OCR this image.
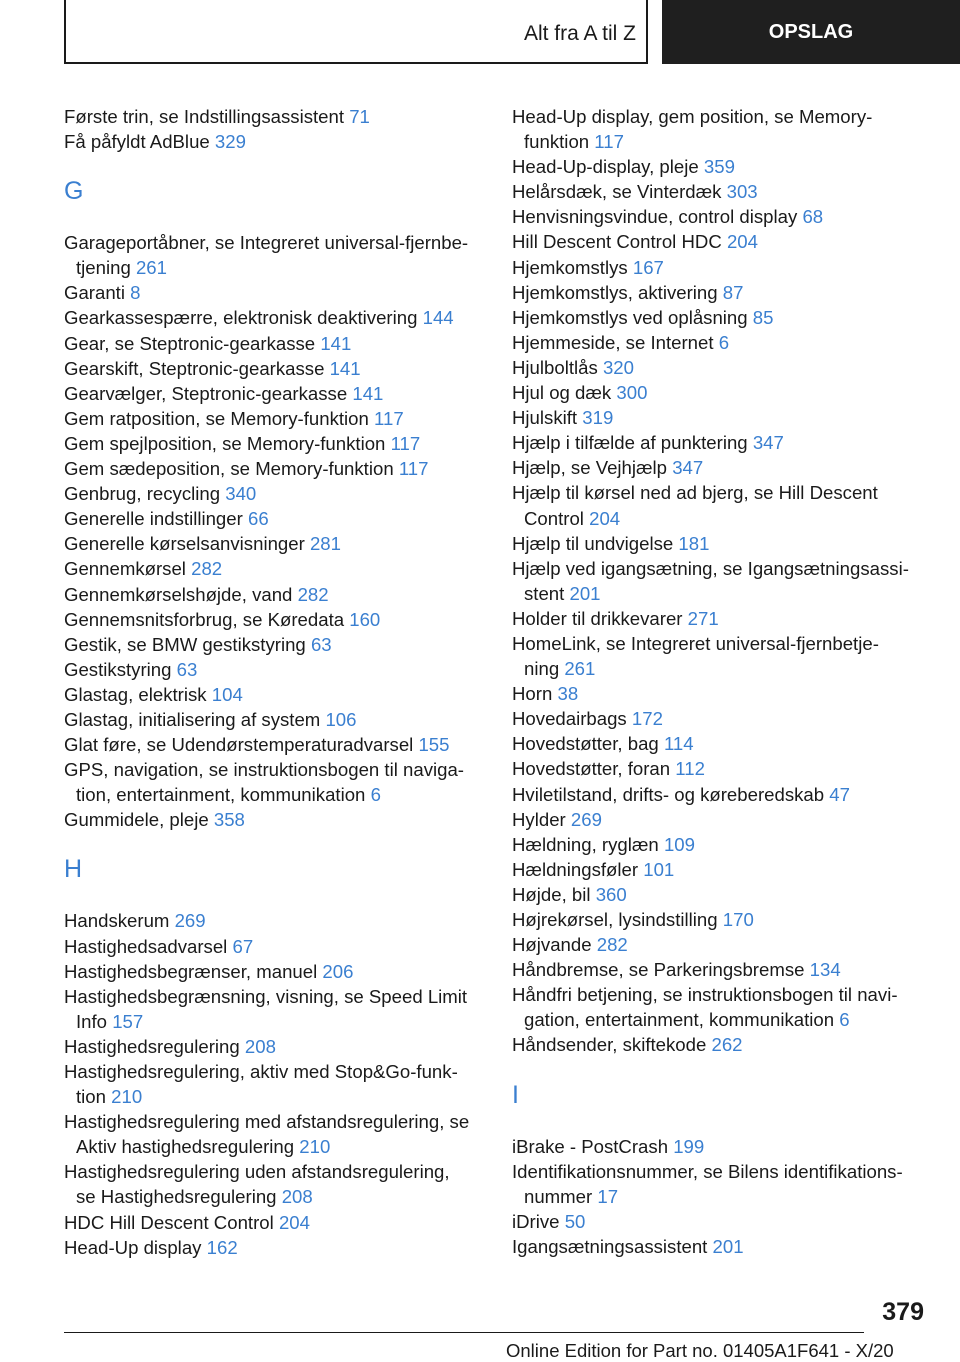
Alt fra A til Z	OPSLAG
Første trin, se Indstillingsassistent 71
Få påfyldt AdBlue 329
G
Garageportåbner, se Integreret universal-fjernbe-
tjening 261
Garanti 8
Gearkassespærre, elektronisk deaktivering 144
Gear, se Steptronic-gearkasse 141
Gearskift, Steptronic-gearkasse 141
Gearvælger, Steptronic-gearkasse 141
Gem ratposition, se Memory-funktion 117
Gem spejlposition, se Memory-funktion 117
Gem sædeposition, se Memory-funktion 117
Genbrug, recycling 340
Generelle indstillinger 66
Generelle kørselsanvisninger 281
Gennemkørsel 282
Gennemkørselshøjde, vand 282
Gennemsnitsforbrug, se Køredata 160
Gestik, se BMW gestikstyring 63
Gestikstyring 63
Glastag, elektrisk 104
Glastag, initialisering af system 106
Glat føre, se Udendørstemperaturadvarsel 155
GPS, navigation, se instruktionsbogen til naviga-
tion, entertainment, kommunikation 6
Gummidele, pleje 358
H
Handskerum 269
Hastighedsadvarsel 67
Hastighedsbegrænser, manuel 206
Hastighedsbegrænsning, visning, se Speed Limit
Info 157
Hastighedsregulering 208
Hastighedsregulering, aktiv med Stop&Go-funk-
tion 210
Hastighedsregulering med afstandsregulering, se
Aktiv hastighedsregulering 210
Hastighedsregulering uden afstandsregulering,
se Hastighedsregulering 208
HDC Hill Descent Control 204
Head-Up display 162
Head-Up display, gem position, se Memory-
funktion 117
Head-Up-display, pleje 359
Helårsdæk, se Vinterdæk 303
Henvisningsvindue, control display 68
Hill Descent Control HDC 204
Hjemkomstlys 167
Hjemkomstlys, aktivering 87
Hjemkomstlys ved oplåsning 85
Hjemmeside, se Internet 6
Hjulboltlås 320
Hjul og dæk 300
Hjulskift 319
Hjælp i tilfælde af punktering 347
Hjælp, se Vejhjælp 347
Hjælp til kørsel ned ad bjerg, se Hill Descent
Control 204
Hjælp til undvigelse 181
Hjælp ved igangsætning, se Igangsætningsassi-
stent 201
Holder til drikkevarer 271
HomeLink, se Integreret universal-fjernbetje-
ning 261
Horn 38
Hovedairbags 172
Hovedstøtter, bag 114
Hovedstøtter, foran 112
Hviletilstand, drifts- og køreberedskab 47
Hylder 269
Hældning, ryglæn 109
Hældningsføler 101
Højde, bil 360
Højrekørsel, lysindstilling 170
Højvande 282
Håndbremse, se Parkeringsbremse 134
Håndfri betjening, se instruktionsbogen til navi-
gation, entertainment, kommunikation 6
Håndsender, skiftekode 262
I
iBrake - PostCrash 199
Identifikationsnummer, se Bilens identifikations-
nummer 17
iDrive 50
Igangsætningsassistent 201
379
Online Edition for Part no. 01405A1F641 - X/20
